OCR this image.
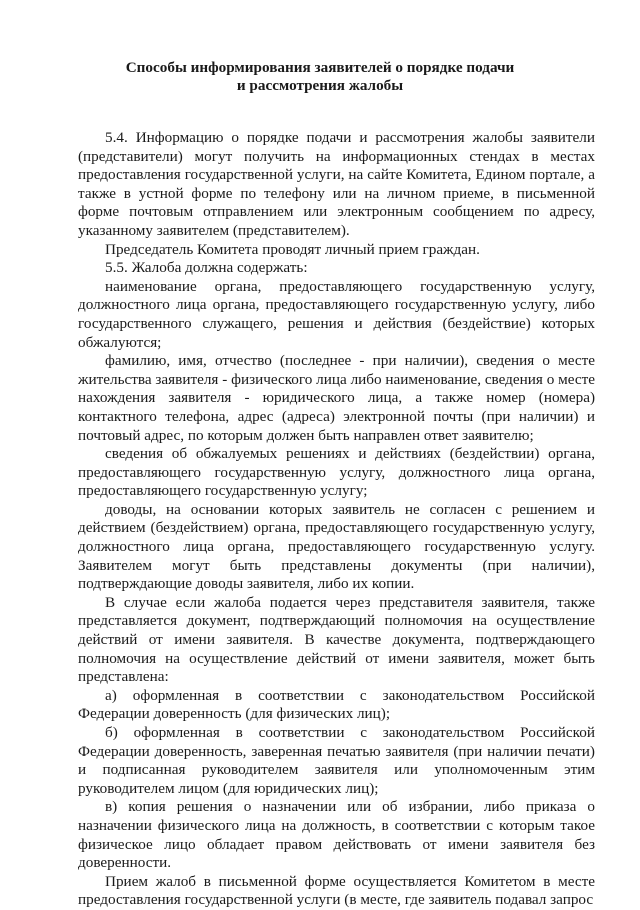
Способы информирования заявителей о порядке подачи
и рассмотрения жалобы

5.4. Информацию о порядке подачи и рассмотрения жалобы заявители (представители) могут получить на информационных стендах в местах предоставления государственной услуги, на сайте Комитета, Едином портале, а также в устной форме по телефону или на личном приеме, в письменной форме почтовым отправлением или электронным сообщением по адресу, указанному заявителем (представителем).

Председатель Комитета проводят личный прием граждан.

5.5. Жалоба должна содержать:

наименование органа, предоставляющего государственную услугу, должностного лица органа, предоставляющего государственную услугу, либо государственного служащего, решения и действия (бездействие) которых обжалуются;

фамилию, имя, отчество (последнее - при наличии), сведения о месте жительства заявителя - физического лица либо наименование, сведения о месте нахождения заявителя - юридического лица, а также номер (номера) контактного телефона, адрес (адреса) электронной почты (при наличии) и почтовый адрес, по которым должен быть направлен ответ заявителю;

сведения об обжалуемых решениях и действиях (бездействии) органа, предоставляющего государственную услугу, должностного лица органа, предоставляющего государственную услугу;

доводы, на основании которых заявитель не согласен с решением и действием (бездействием) органа, предоставляющего государственную услугу, должностного лица органа, предоставляющего государственную услугу. Заявителем могут быть представлены документы (при наличии), подтверждающие доводы заявителя, либо их копии.

В случае если жалоба подается через представителя заявителя, также представляется документ, подтверждающий полномочия на осуществление действий от имени заявителя. В качестве документа, подтверждающего полномочия на осуществление действий от имени заявителя, может быть представлена:

а) оформленная в соответствии с законодательством Российской Федерации доверенность (для физических лиц);

б) оформленная в соответствии с законодательством Российской Федерации доверенность, заверенная печатью заявителя (при наличии печати) и подписанная руководителем заявителя или уполномоченным этим руководителем лицом (для юридических лиц);

в) копия решения о назначении или об избрании, либо приказа о назначении физического лица на должность, в соответствии с которым такое физическое лицо обладает правом действовать от имени заявителя без доверенности.

Прием жалоб в письменной форме осуществляется Комитетом в месте предоставления государственной услуги (в месте, где заявитель подавал запрос
